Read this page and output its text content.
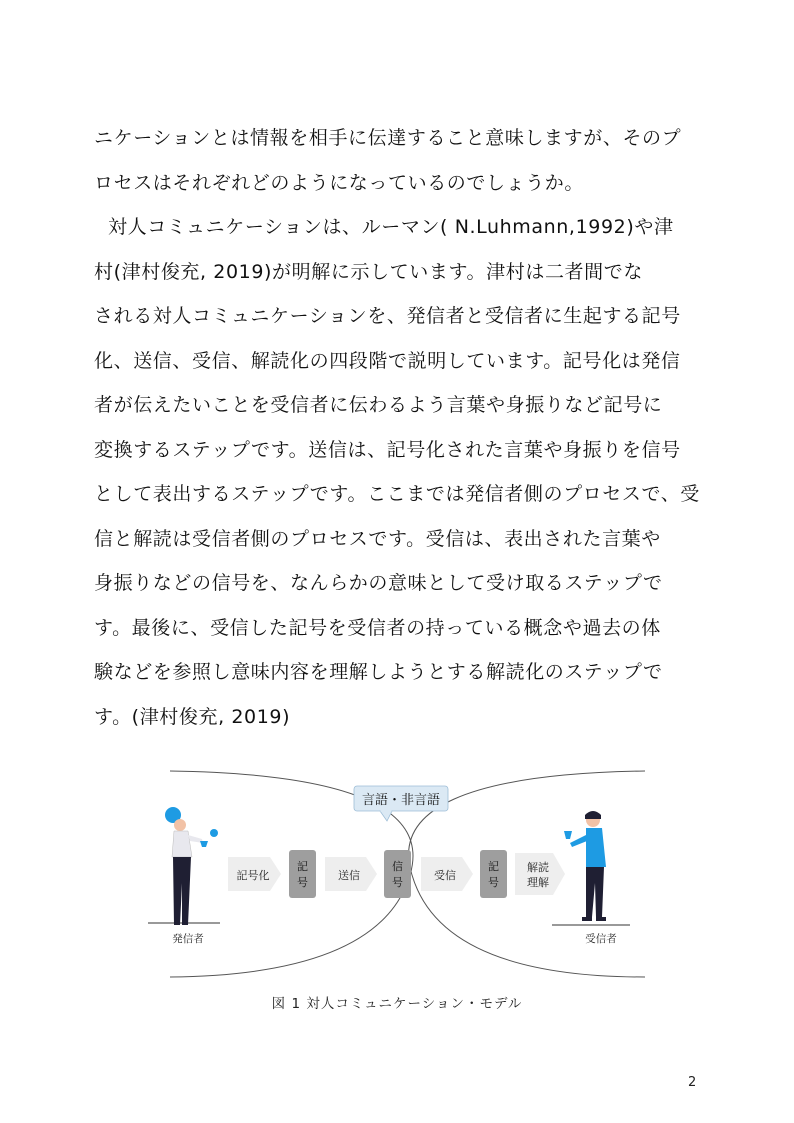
ニケーションとは情報を相手に伝達すること意味しますが、そのプ
ロセスはそれぞれどのようになっているのでしょうか。
対人コミュニケーションは、ルーマン( N.Luhmann,1992)や津
村(津村俊充, 2019)が明解に示しています。津村は二者間でな
される対人コミュニケーションを、発信者と受信者に生起する記号
化、送信、受信、解読化の四段階で説明しています。記号化は発信
者が伝えたいことを受信者に伝わるよう言葉や身振りなど記号に
変換するステップです。送信は、記号化された言葉や身振りを信号
として表出するステップです。ここまでは発信者側のプロセスで、受
信と解読は受信者側のプロセスです。受信は、表出された言葉や
身振りなどの信号を、なんらかの意味として受け取るステップで
す。最後に、受信した記号を受信者の持っている概念や過去の体
験などを参照し意味内容を理解しようとする解読化のステップで
す。(津村俊充, 2019)
言語・非言語
発信者	受信者
記号化
記
号
送信
信
号
受信
記
号
解読
理解
図 1 対人コミュニケーション・モデル
2
